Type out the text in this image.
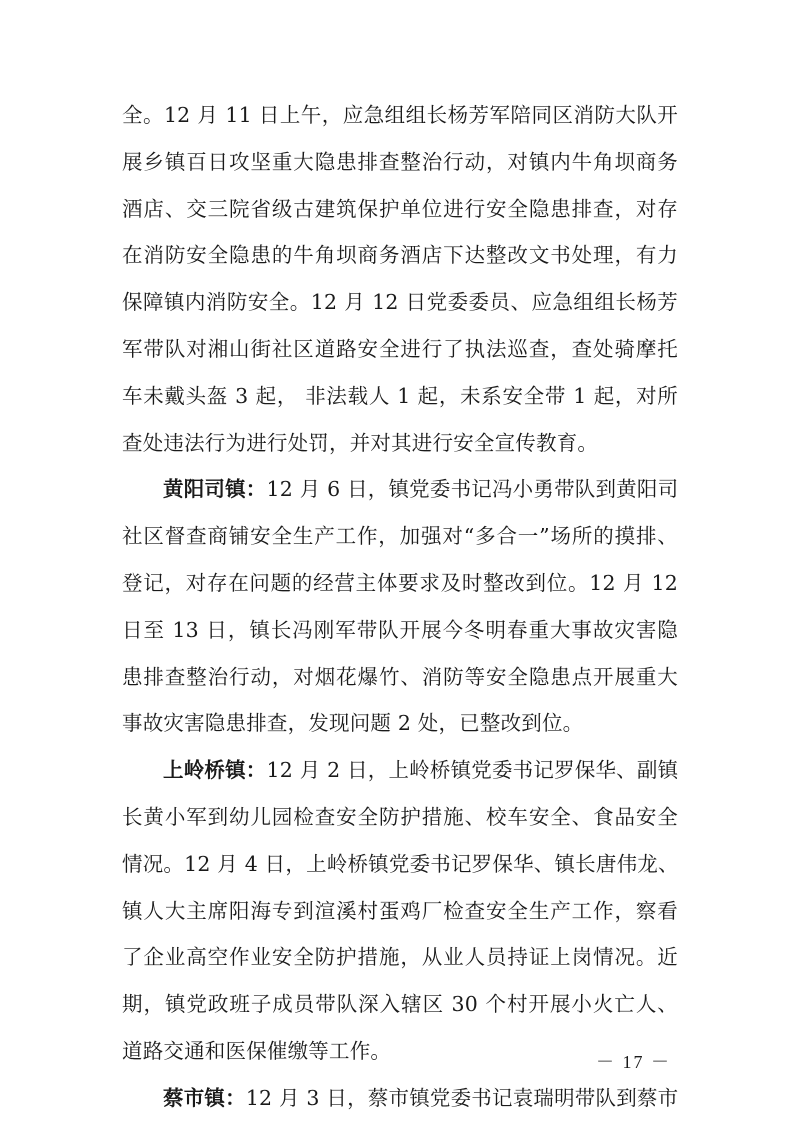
全。12 月 11 日上午，应急组组长杨芳军陪同区消防大队开
展乡镇百日攻坚重大隐患排查整治行动，对镇内牛角坝商务
酒店、交三院省级古建筑保护单位进行安全隐患排查，对存
在消防安全隐患的牛角坝商务酒店下达整改文书处理，有力
保障镇内消防安全。12 月 12 日党委委员、应急组组长杨芳
军带队对湘山街社区道路安全进行了执法巡查，查处骑摩托
车未戴头盔 3 起， 非法载人 1 起，未系安全带 1 起，对所
查处违法行为进行处罚，并对其进行安全宣传教育。
黄阳司镇：12 月 6 日，镇党委书记冯小勇带队到黄阳司
社区督查商铺安全生产工作，加强对“多合一”场所的摸排、
登记，对存在问题的经营主体要求及时整改到位。12 月 12
日至 13 日，镇长冯刚军带队开展今冬明春重大事故灾害隐
患排查整治行动，对烟花爆竹、消防等安全隐患点开展重大
事故灾害隐患排查，发现问题 2 处，已整改到位。
上岭桥镇：12 月 2 日，上岭桥镇党委书记罗保华、副镇
长黄小军到幼儿园检查安全防护措施、校车安全、食品安全
情况。12 月 4 日，上岭桥镇党委书记罗保华、镇长唐伟龙、
镇人大主席阳海专到渲溪村蛋鸡厂检查安全生产工作，察看
了企业高空作业安全防护措施，从业人员持证上岗情况。近
期，镇党政班子成员带队深入辖区 30 个村开展小火亡人、
道路交通和医保催缴等工作。
蔡市镇：12 月 3 日，蔡市镇党委书记袁瑞明带队到蔡市
－ 17 －
